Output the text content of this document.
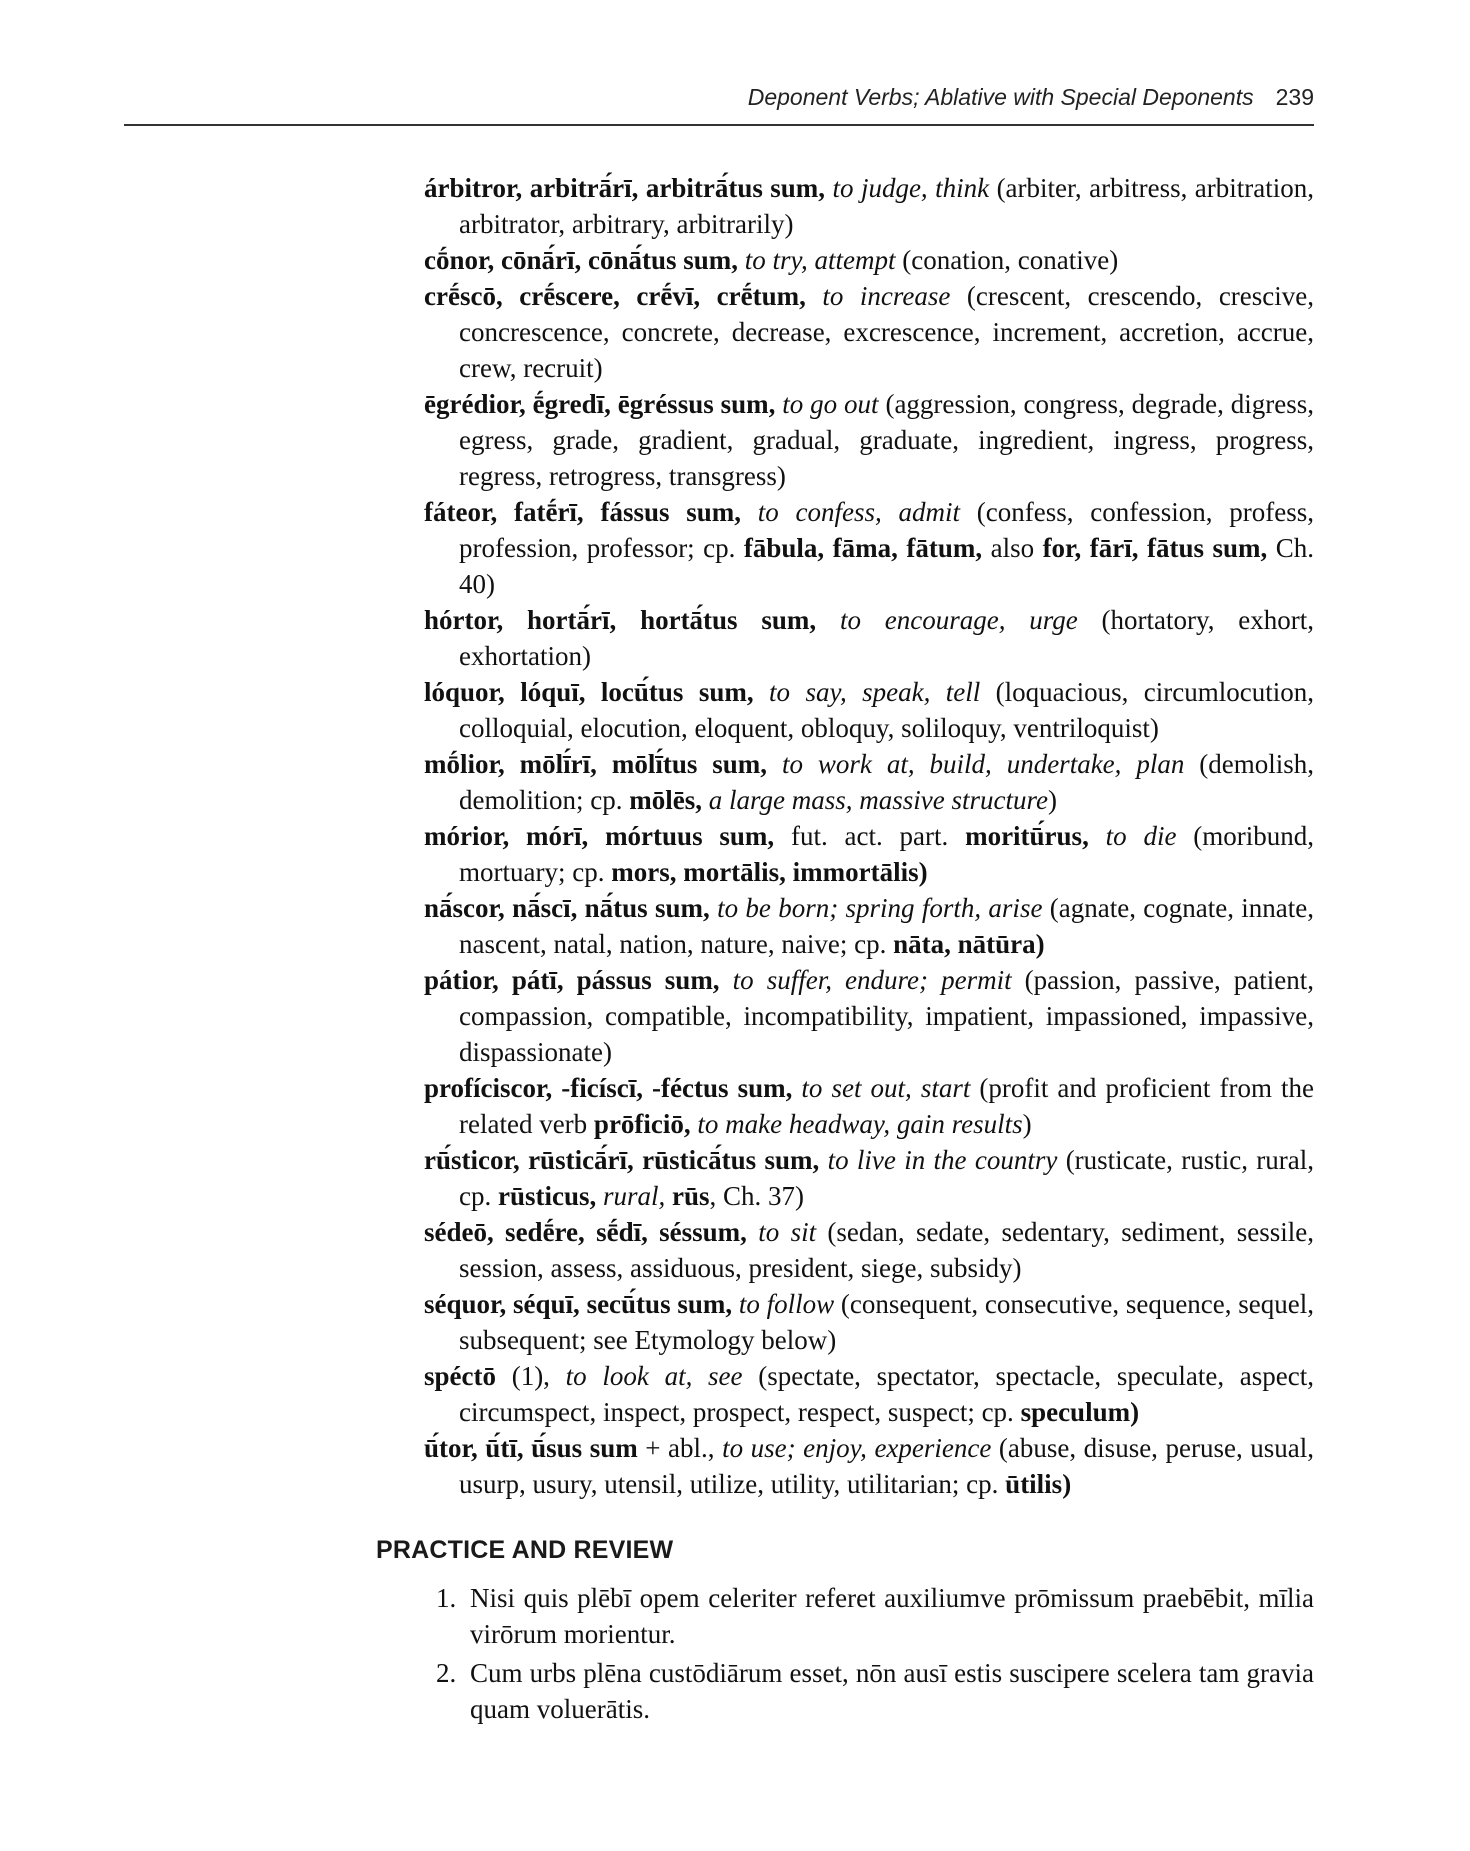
Deponent Verbs; Ablative with Special Deponents 239

árbitror, arbitrā́rī, arbitrā́tus sum, to judge, think (arbiter, arbitress, arbitration, arbitrator, arbitrary, arbitrarily)

cṓnor, cōnā́rī, cōnā́tus sum, to try, attempt (conation, conative)

crḗscō, crḗscere, crḗvī, crḗtum, to increase (crescent, crescendo, crescive, concrescence, concrete, decrease, excrescence, increment, accretion, accrue, crew, recruit)

ēgrédior, ḗgredī, ēgréssus sum, to go out (aggression, congress, degrade, digress, egress, grade, gradient, gradual, graduate, ingredient, ingress, progress, regress, retrogress, transgress)

fáteor, fatḗrī, fássus sum, to confess, admit (confess, confession, profess, profession, professor; cp. fābula, fāma, fātum, also for, fārī, fātus sum, Ch. 40)

hórtor, hortā́rī, hortā́tus sum, to encourage, urge (hortatory, exhort, exhortation)

lóquor, lóquī, locū́tus sum, to say, speak, tell (loquacious, circumlocution, colloquial, elocution, eloquent, obloquy, soliloquy, ventriloquist)

mṓlior, mōlī́rī, mōlī́tus sum, to work at, build, undertake, plan (demolish, demolition; cp. mōlēs, a large mass, massive structure)

mórior, mórī, mórtuus sum, fut. act. part. moritū́rus, to die (moribund, mortuary; cp. mors, mortālis, immortālis)

nā́scor, nā́scī, nā́tus sum, to be born; spring forth, arise (agnate, cognate, innate, nascent, natal, nation, nature, naive; cp. nāta, nātūra)

pátior, pátī, pássus sum, to suffer, endure; permit (passion, passive, patient, compassion, compatible, incompatibility, impatient, impassioned, impassive, dispassionate)

profíciscor, -ficíscī, -féctus sum, to set out, start (profit and proficient from the related verb prōficiō, to make headway, gain results)

rū́sticor, rūsticā́rī, rūsticā́tus sum, to live in the country (rusticate, rustic, rural, cp. rūsticus, rural, rūs, Ch. 37)

sédeō, sedḗre, sḗdī, séssum, to sit (sedan, sedate, sedentary, sediment, sessile, session, assess, assiduous, president, siege, subsidy)

séquor, séquī, secū́tus sum, to follow (consequent, consecutive, sequence, sequel, subsequent; see Etymology below)

spéctō (1), to look at, see (spectate, spectator, spectacle, speculate, aspect, circumspect, inspect, prospect, respect, suspect; cp. speculum)

ū́tor, ū́tī, ū́sus sum + abl., to use; enjoy, experience (abuse, disuse, peruse, usual, usurp, usury, utensil, utilize, utility, utilitarian; cp. ūtilis)

PRACTICE AND REVIEW

1. Nisi quis plēbī opem celeriter referet auxiliumve prōmissum praebēbit, mīlia virōrum morientur.

2. Cum urbs plēna custōdiārum esset, nōn ausī estis suscipere scelera tam gravia quam voluerātis.
